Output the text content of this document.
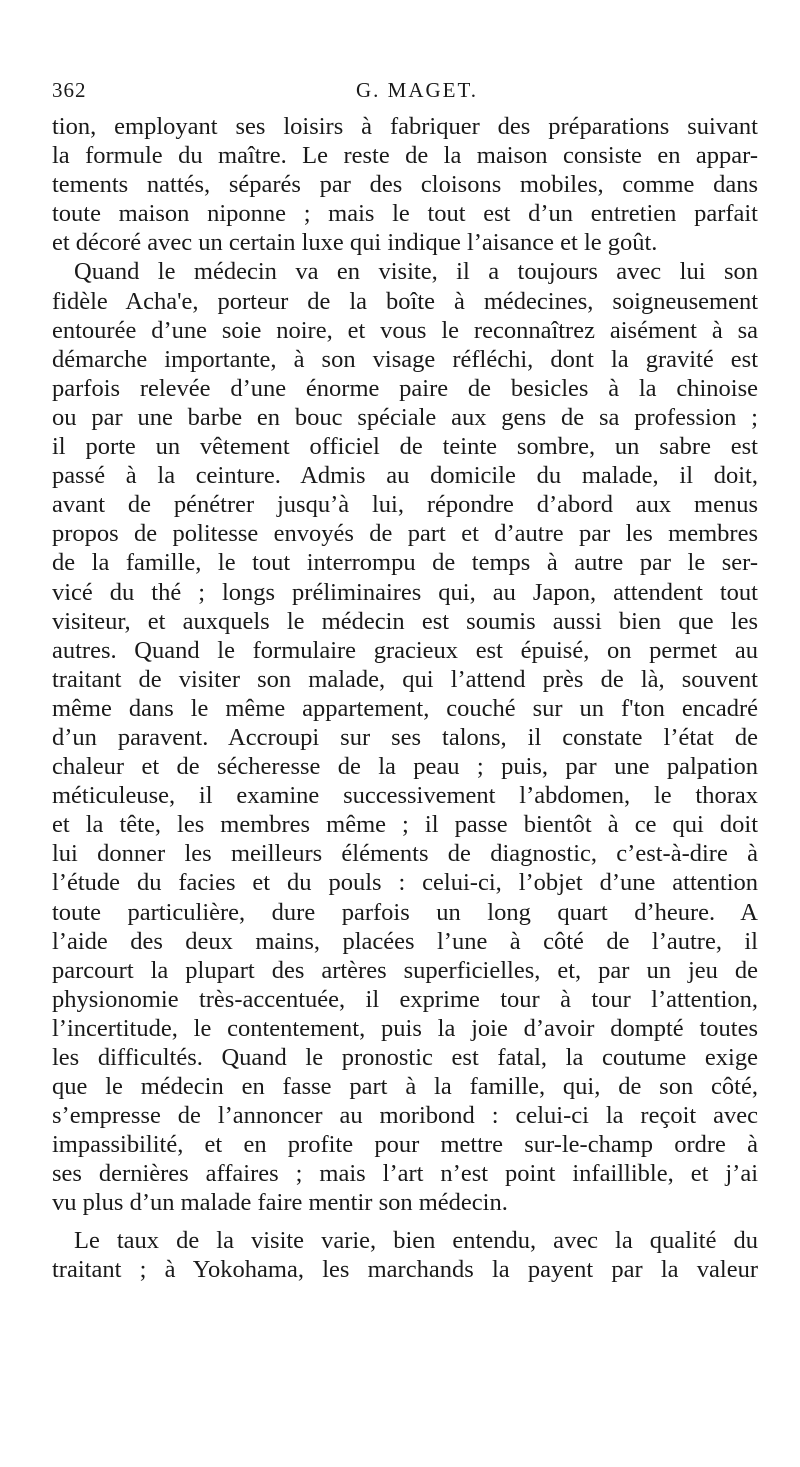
362	G. MAGET.
tion, employant ses loisirs à fabriquer des préparations suivant
la formule du maître. Le reste de la maison consiste en appar-
tements nattés, séparés par des cloisons mobiles, comme dans
toute maison niponne ; mais le tout est d’un entretien parfait
et décoré avec un certain luxe qui indique l’aisance et le goût.
Quand le médecin va en visite, il a toujours avec lui son
fidèle Acha'e, porteur de la boîte à médecines, soigneusement
entourée d’une soie noire, et vous le reconnaîtrez aisément à sa
démarche importante, à son visage réfléchi, dont la gravité est
parfois relevée d’une énorme paire de besicles à la chinoise
ou par une barbe en bouc spéciale aux gens de sa profession ;
il porte un vêtement officiel de teinte sombre, un sabre est
passé à la ceinture. Admis au domicile du malade, il doit,
avant de pénétrer jusqu’à lui, répondre d’abord aux menus
propos de politesse envoyés de part et d’autre par les membres
de la famille, le tout interrompu de temps à autre par le ser-
vicé du thé ; longs préliminaires qui, au Japon, attendent tout
visiteur, et auxquels le médecin est soumis aussi bien que les
autres. Quand le formulaire gracieux est épuisé, on permet au
traitant de visiter son malade, qui l’attend près de là, souvent
même dans le même appartement, couché sur un f'ton encadré
d’un paravent. Accroupi sur ses talons, il constate l’état de
chaleur et de sécheresse de la peau ; puis, par une palpation
méticuleuse, il examine successivement l’abdomen, le thorax
et la tête, les membres même ; il passe bientôt à ce qui doit
lui donner les meilleurs éléments de diagnostic, c’est-à-dire à
l’étude du facies et du pouls : celui-ci, l’objet d’une attention
toute particulière, dure parfois un long quart d’heure. A
l’aide des deux mains, placées l’une à côté de l’autre, il
parcourt la plupart des artères superficielles, et, par un jeu de
physionomie très-accentuée, il exprime tour à tour l’attention,
l’incertitude, le contentement, puis la joie d’avoir dompté toutes
les difficultés. Quand le pronostic est fatal, la coutume exige
que le médecin en fasse part à la famille, qui, de son côté,
s’empresse de l’annoncer au moribond : celui-ci la reçoit avec
impassibilité, et en profite pour mettre sur-le-champ ordre à
ses dernières affaires ; mais l’art n’est point infaillible, et j’ai
vu plus d’un malade faire mentir son médecin.
Le taux de la visite varie, bien entendu, avec la qualité du
traitant ; à Yokohama, les marchands la payent par la valeur
